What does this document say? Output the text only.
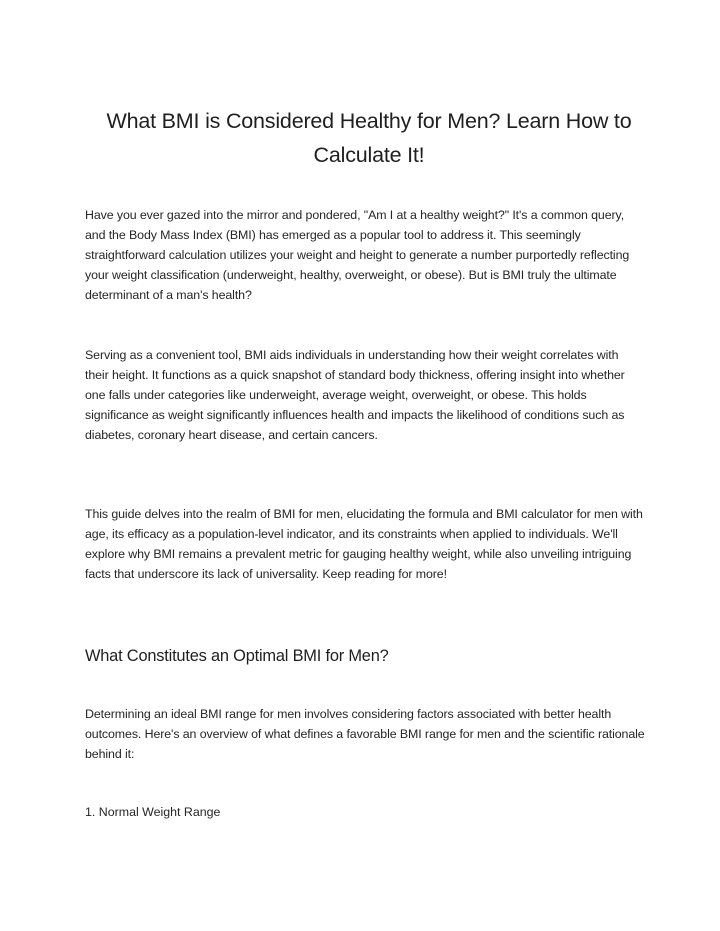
What BMI is Considered Healthy for Men? Learn How to Calculate It!

Have you ever gazed into the mirror and pondered, "Am I at a healthy weight?" It's a common query, and the Body Mass Index (BMI) has emerged as a popular tool to address it. This seemingly straightforward calculation utilizes your weight and height to generate a number purportedly reflecting your weight classification (underweight, healthy, overweight, or obese). But is BMI truly the ultimate determinant of a man's health?

Serving as a convenient tool, BMI aids individuals in understanding how their weight correlates with their height. It functions as a quick snapshot of standard body thickness, offering insight into whether one falls under categories like underweight, average weight, overweight, or obese. This holds significance as weight significantly influences health and impacts the likelihood of conditions such as diabetes, coronary heart disease, and certain cancers.

This guide delves into the realm of BMI for men, elucidating the formula and BMI calculator for men with age, its efficacy as a population-level indicator, and its constraints when applied to individuals. We'll explore why BMI remains a prevalent metric for gauging healthy weight, while also unveiling intriguing facts that underscore its lack of universality. Keep reading for more!

What Constitutes an Optimal BMI for Men?

Determining an ideal BMI range for men involves considering factors associated with better health outcomes. Here's an overview of what defines a favorable BMI range for men and the scientific rationale behind it:

1. Normal Weight Range
